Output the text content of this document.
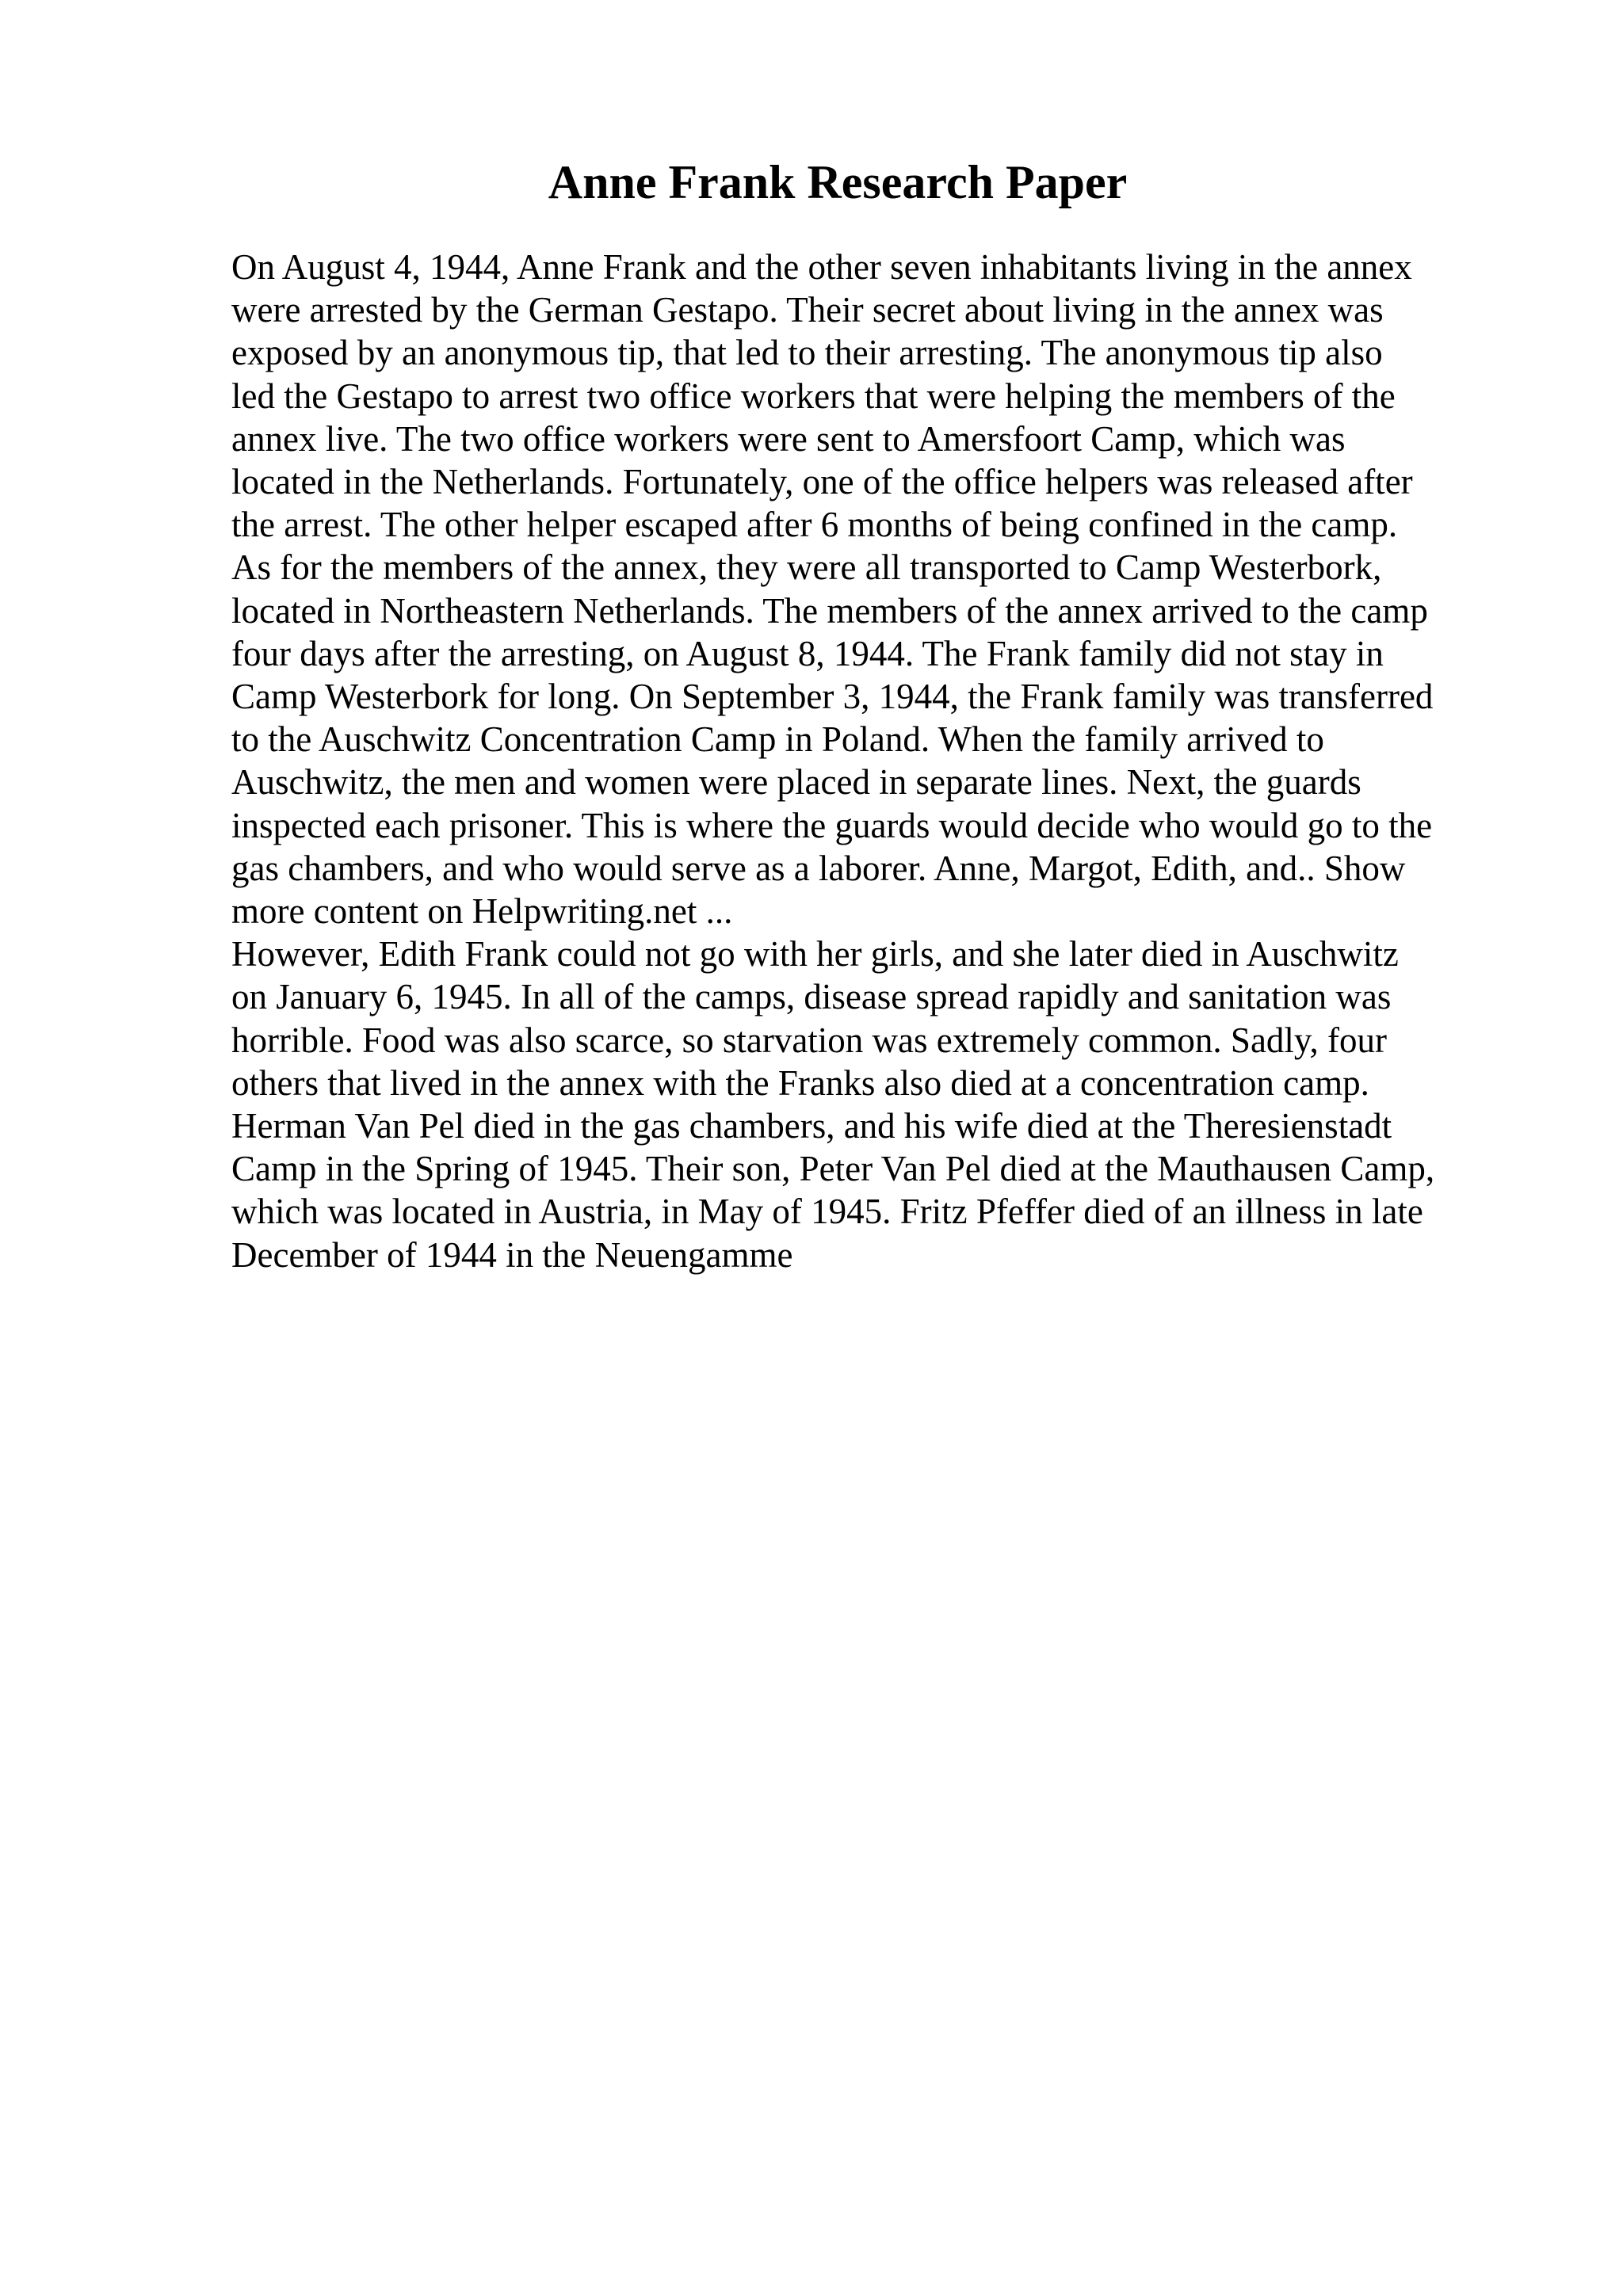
Anne Frank Research Paper
On August 4, 1944, Anne Frank and the other seven inhabitants living in the annex
were arrested by the German Gestapo. Their secret about living in the annex was
exposed by an anonymous tip, that led to their arresting. The anonymous tip also
led the Gestapo to arrest two office workers that were helping the members of the
annex live. The two office workers were sent to Amersfoort Camp, which was
located in the Netherlands. Fortunately, one of the office helpers was released after
the arrest. The other helper escaped after 6 months of being confined in the camp.
As for the members of the annex, they were all transported to Camp Westerbork,
located in Northeastern Netherlands. The members of the annex arrived to the camp
four days after the arresting, on August 8, 1944. The Frank family did not stay in
Camp Westerbork for long. On September 3, 1944, the Frank family was transferred
to the Auschwitz Concentration Camp in Poland. When the family arrived to
Auschwitz, the men and women were placed in separate lines. Next, the guards
inspected each prisoner. This is where the guards would decide who would go to the
gas chambers, and who would serve as a laborer. Anne, Margot, Edith, and.. Show
more content on Helpwriting.net ...
However, Edith Frank could not go with her girls, and she later died in Auschwitz
on January 6, 1945. In all of the camps, disease spread rapidly and sanitation was
horrible. Food was also scarce, so starvation was extremely common. Sadly, four
others that lived in the annex with the Franks also died at a concentration camp.
Herman Van Pel died in the gas chambers, and his wife died at the Theresienstadt
Camp in the Spring of 1945. Their son, Peter Van Pel died at the Mauthausen Camp,
which was located in Austria, in May of 1945. Fritz Pfeffer died of an illness in late
December of 1944 in the Neuengamme
